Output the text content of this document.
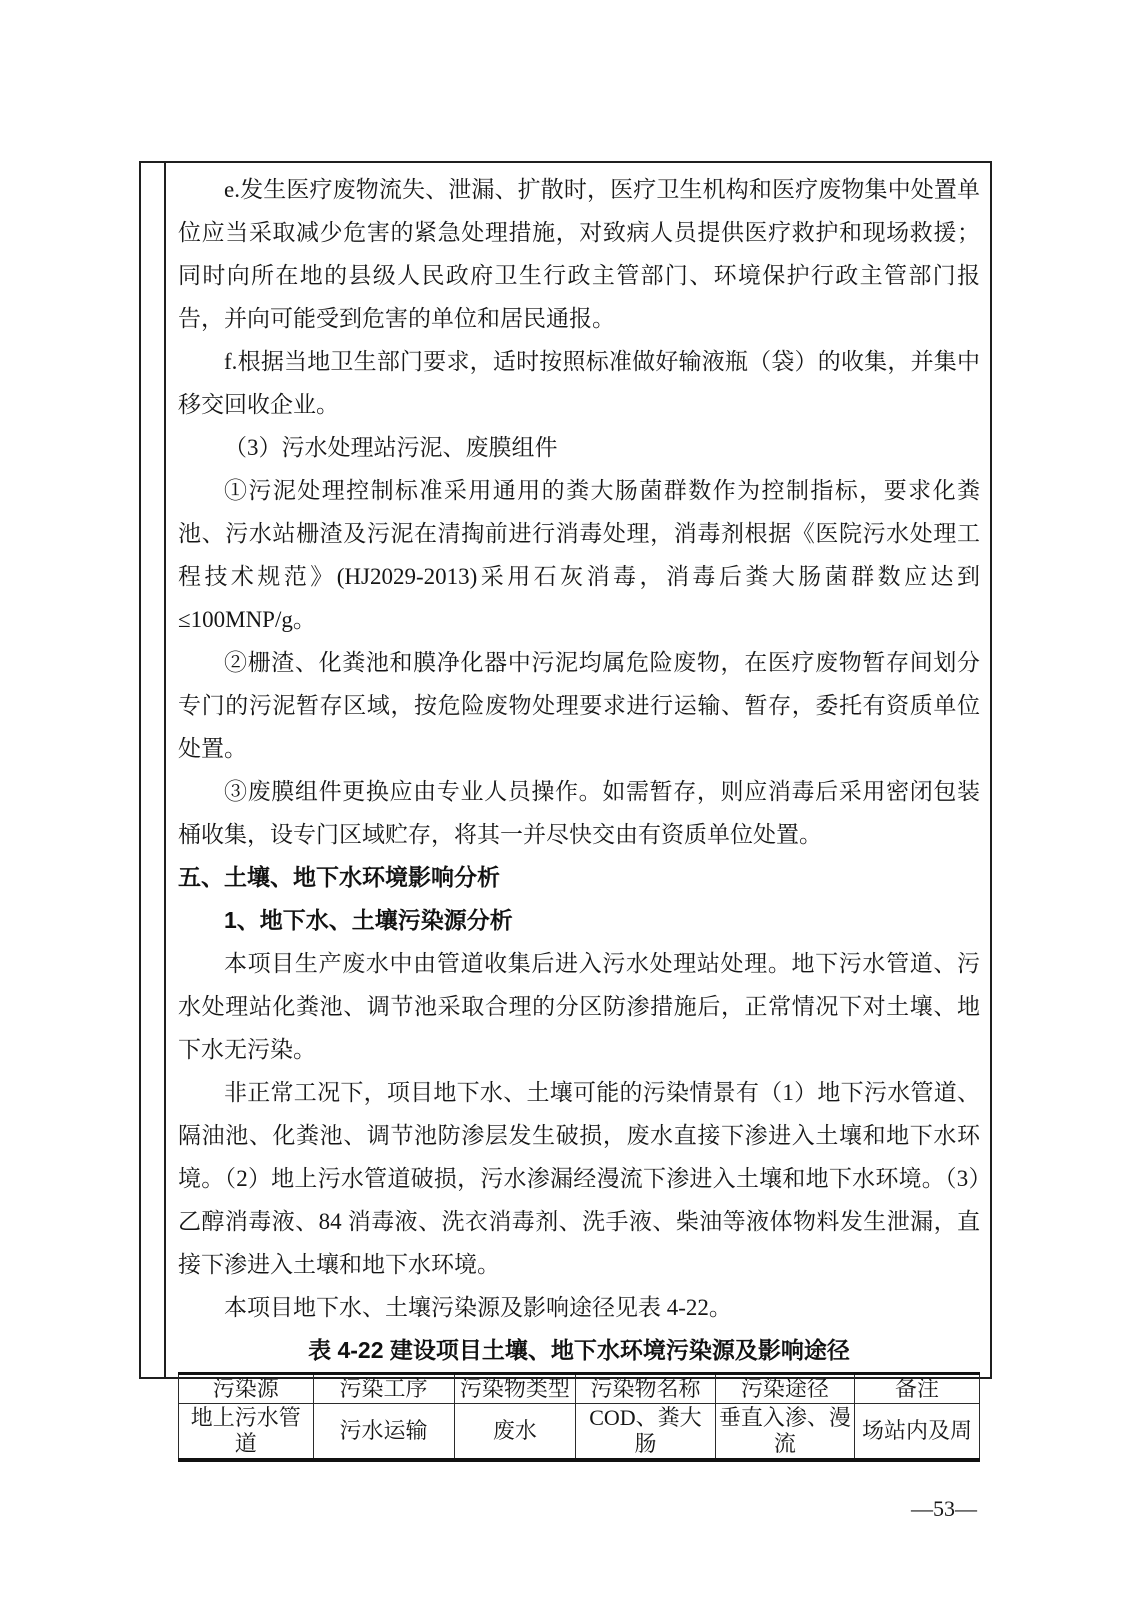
e.发生医疗废物流失、泄漏、扩散时，医疗卫生机构和医疗废物集中处置单位应当采取减少危害的紧急处理措施，对致病人员提供医疗救护和现场救援；同时向所在地的县级人民政府卫生行政主管部门、环境保护行政主管部门报告，并向可能受到危害的单位和居民通报。

f.根据当地卫生部门要求，适时按照标准做好输液瓶（袋）的收集，并集中移交回收企业。

（3）污水处理站污泥、废膜组件

①污泥处理控制标准采用通用的粪大肠菌群数作为控制指标，要求化粪池、污水站栅渣及污泥在清掏前进行消毒处理，消毒剂根据《医院污水处理工程技术规范》(HJ2029-2013)采用石灰消毒，消毒后粪大肠菌群数应达到≤100MNP/g。

②栅渣、化粪池和膜净化器中污泥均属危险废物，在医疗废物暂存间划分专门的污泥暂存区域，按危险废物处理要求进行运输、暂存，委托有资质单位处置。

③废膜组件更换应由专业人员操作。如需暂存，则应消毒后采用密闭包装桶收集，设专门区域贮存，将其一并尽快交由有资质单位处置。

五、土壤、地下水环境影响分析

1、地下水、土壤污染源分析

本项目生产废水中由管道收集后进入污水处理站处理。地下污水管道、污水处理站化粪池、调节池采取合理的分区防渗措施后，正常情况下对土壤、地下水无污染。

非正常工况下，项目地下水、土壤可能的污染情景有（1）地下污水管道、隔油池、化粪池、调节池防渗层发生破损，废水直接下渗进入土壤和地下水环境。（2）地上污水管道破损，污水渗漏经漫流下渗进入土壤和地下水环境。（3）乙醇消毒液、84 消毒液、洗衣消毒剂、洗手液、柴油等液体物料发生泄漏，直接下渗进入土壤和地下水环境。

本项目地下水、土壤污染源及影响途径见表 4-22。

表 4-22 建设项目土壤、地下水环境污染源及影响途径

污染源	污染工序	污染物类型	污染物名称	污染途径	备注
地上污水管道	污水运输	废水	COD、粪大肠	垂直入渗、漫流	场站内及周
—53—
